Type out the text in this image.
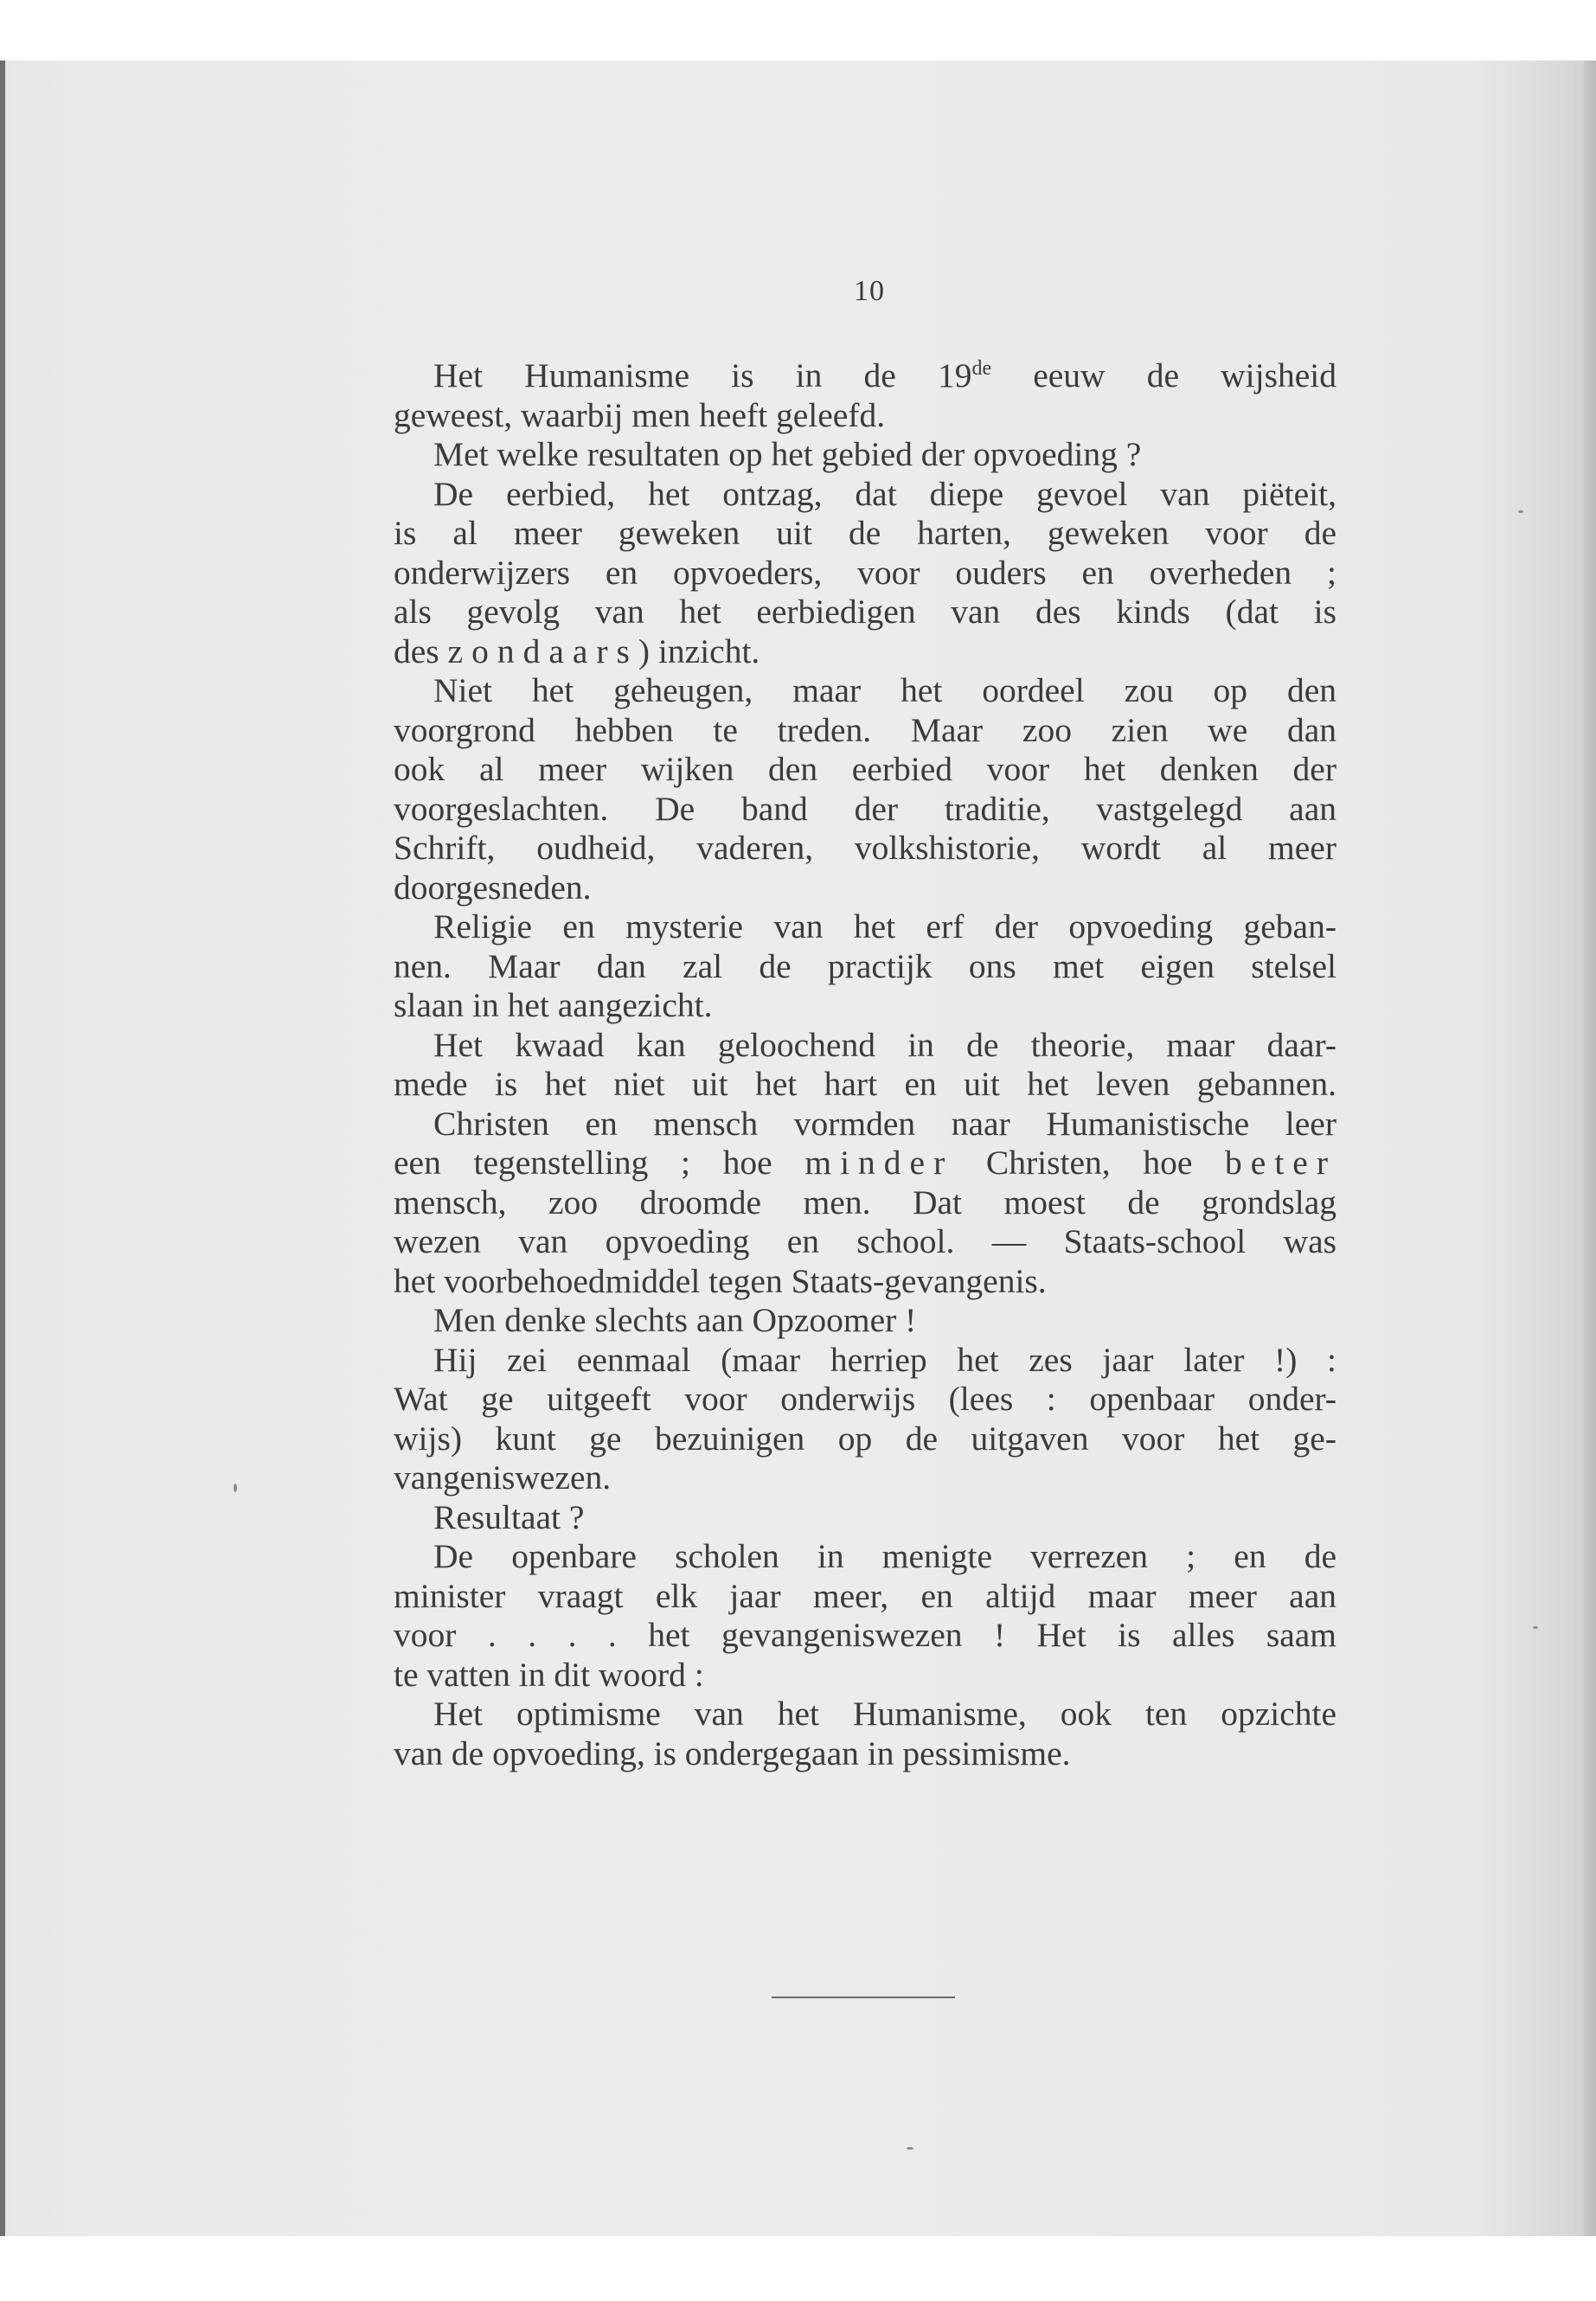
10
Het Humanisme is in de 19de eeuw de wijsheid
geweest, waarbij men heeft geleefd.
Met welke resultaten op het gebied der opvoeding ?
De eerbied, het ontzag, dat diepe gevoel van piëteit,
is al meer geweken uit de harten, geweken voor de
onderwijzers en opvoeders, voor ouders en overheden ;
als gevolg van het eerbiedigen van des kinds (dat is
des zondaars) inzicht.
Niet het geheugen, maar het oordeel zou op den
voorgrond hebben te treden. Maar zoo zien we dan
ook al meer wijken den eerbied voor het denken der
voorgeslachten. De band der traditie, vastgelegd aan
Schrift, oudheid, vaderen, volkshistorie, wordt al meer
doorgesneden.
Religie en mysterie van het erf der opvoeding geban-
nen. Maar dan zal de practijk ons met eigen stelsel
slaan in het aangezicht.
Het kwaad kan geloochend in de theorie, maar daar-
mede is het niet uit het hart en uit het leven gebannen.
Christen en mensch vormden naar Humanistische leer
een tegenstelling ; hoe minder Christen, hoe beter
mensch, zoo droomde men. Dat moest de grondslag
wezen van opvoeding en school. — Staats-school was
het voorbehoedmiddel tegen Staats-gevangenis.
Men denke slechts aan Opzoomer !
Hij zei eenmaal (maar herriep het zes jaar later !) :
Wat ge uitgeeft voor onderwijs (lees : openbaar onder-
wijs) kunt ge bezuinigen op de uitgaven voor het ge-
vangeniswezen.
Resultaat ?
De openbare scholen in menigte verrezen ; en de
minister vraagt elk jaar meer, en altijd maar meer aan
voor . . . . het gevangeniswezen ! Het is alles saam
te vatten in dit woord :
Het optimisme van het Humanisme, ook ten opzichte
van de opvoeding, is ondergegaan in pessimisme.
